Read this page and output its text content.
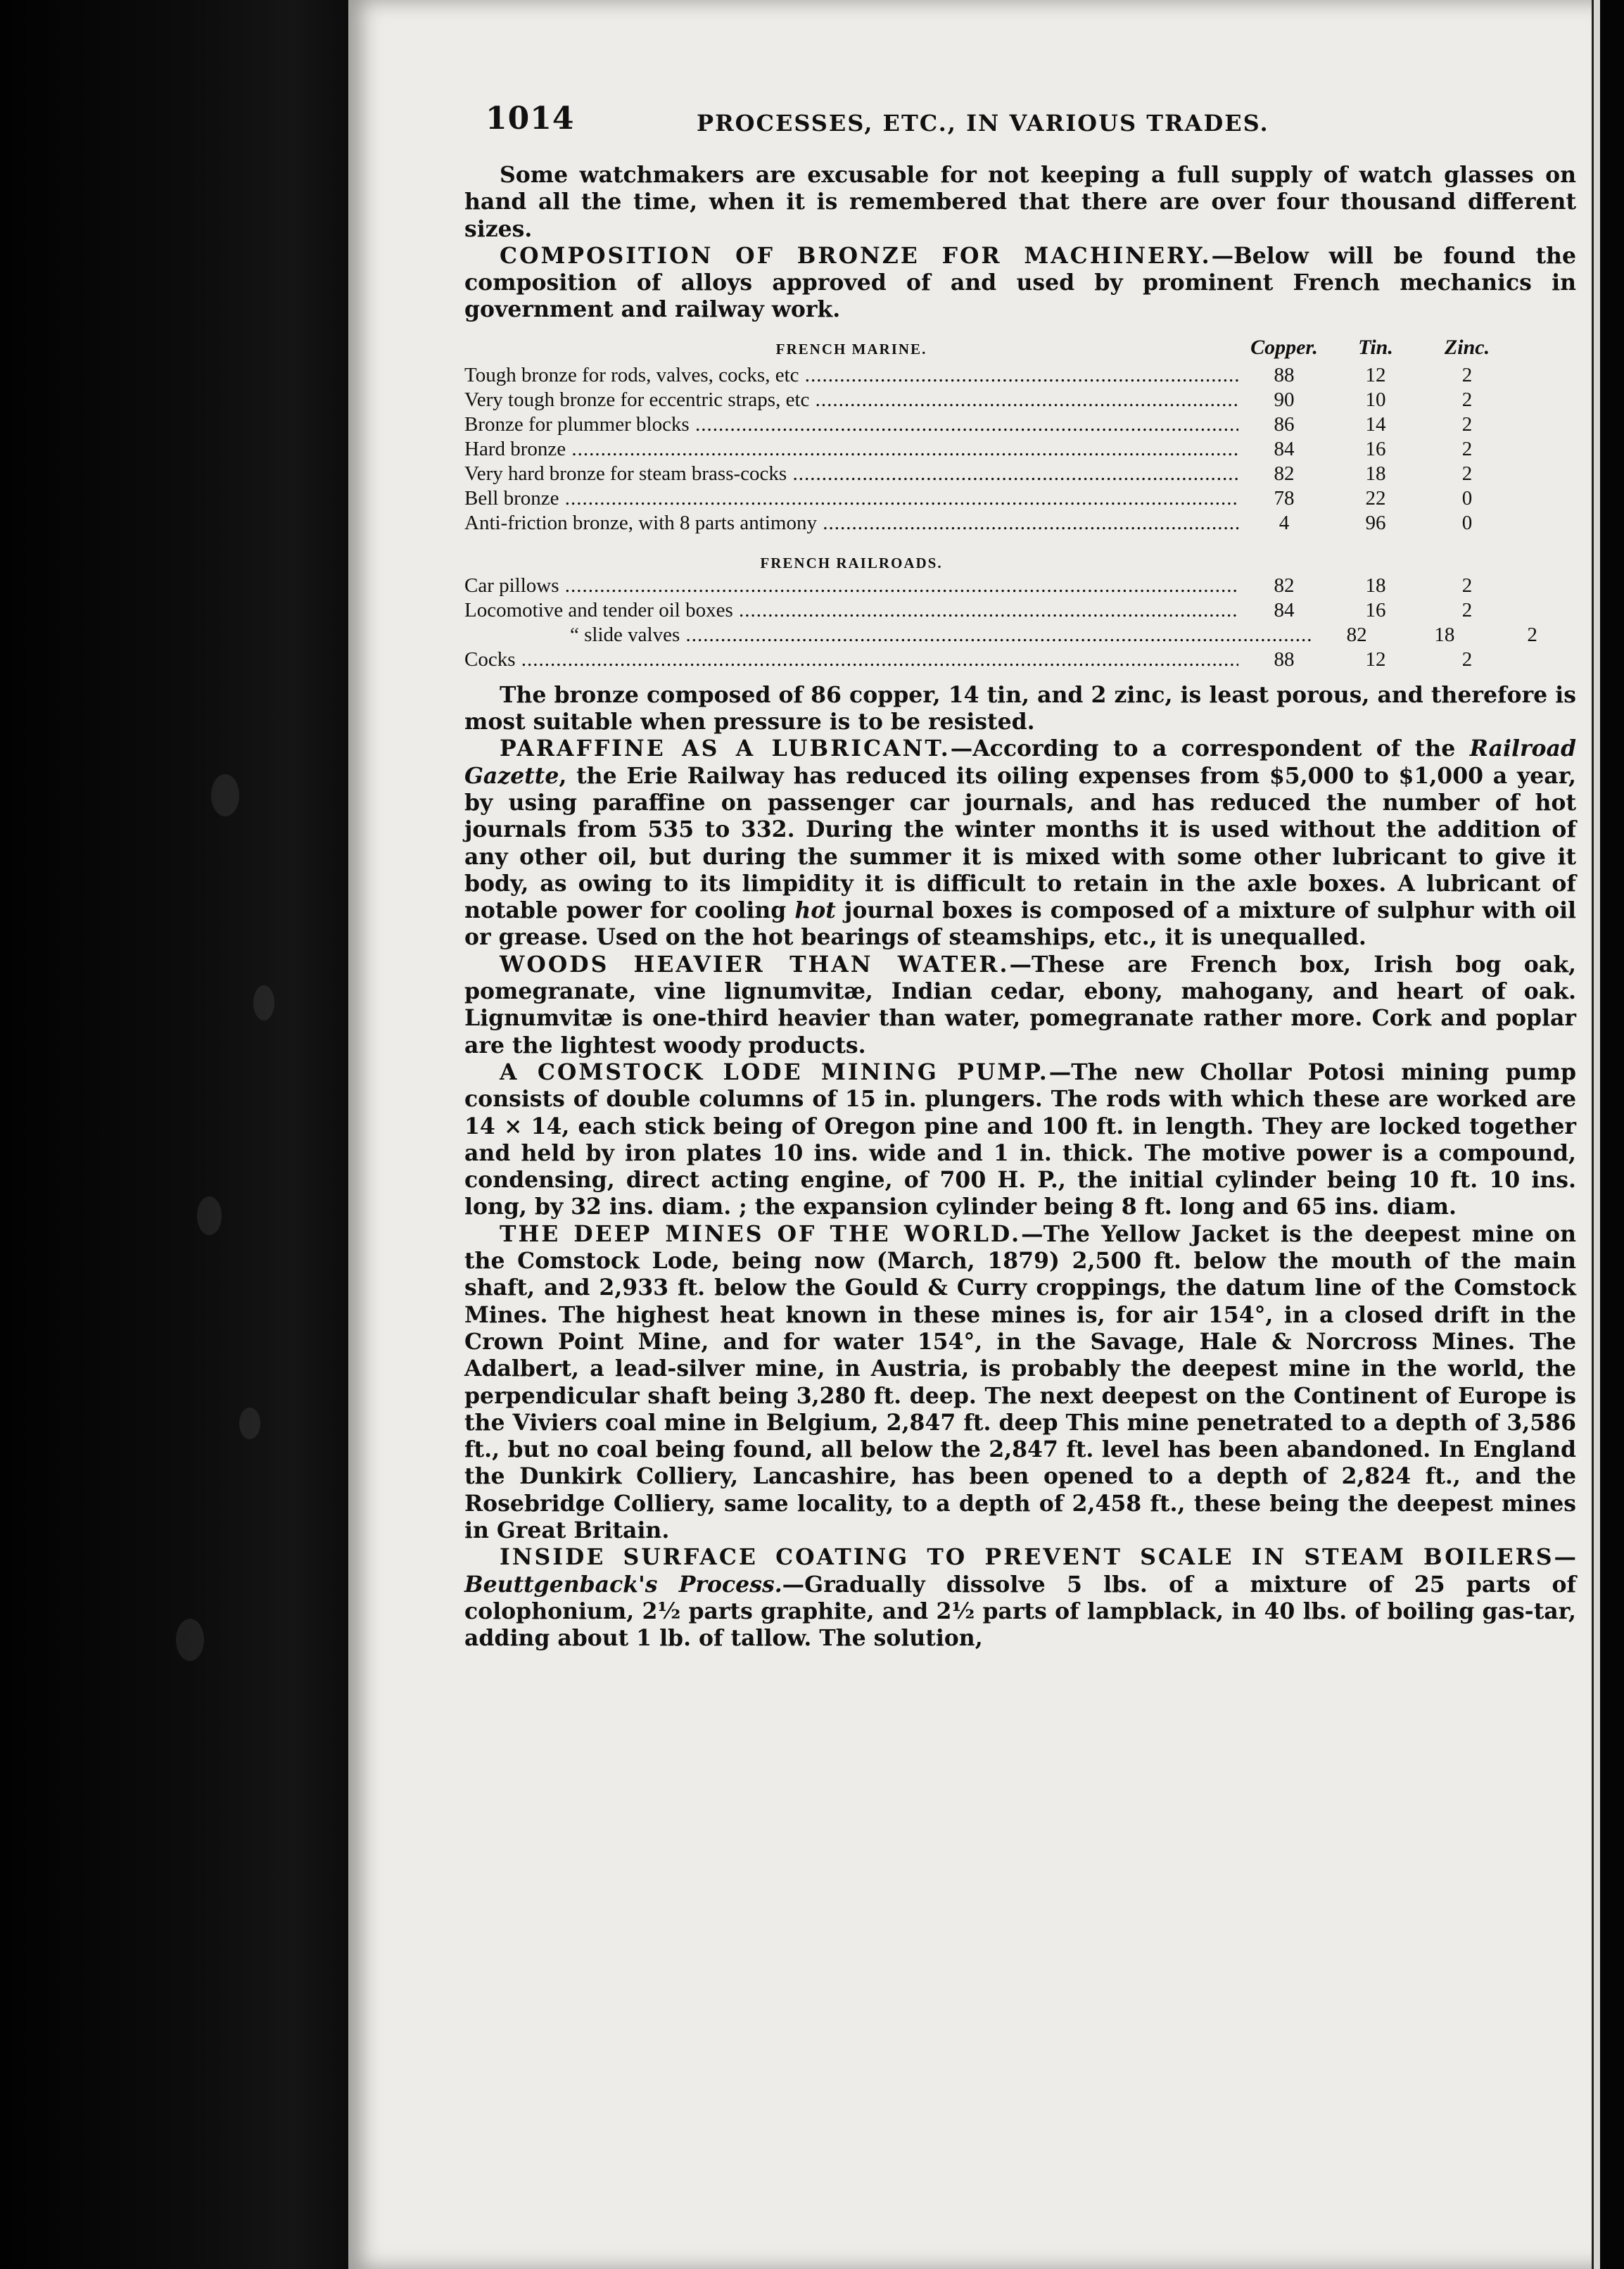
1014	PROCESSES, ETC., IN VARIOUS TRADES.

Some watchmakers are excusable for not keeping a full supply of watch glasses on hand all the time, when it is remembered that there are over four thousand different sizes.

COMPOSITION OF BRONZE FOR MACHINERY.—Below will be found the composition of alloys approved of and used by prominent French mechanics in government and railway work.

FRENCH MARINE.	Copper.	Tin.	Zinc.
Tough bronze for rods, valves, cocks, etc .....	88	12	2
Very tough bronze for eccentric straps, etc .....	90	10	2
Bronze for plummer blocks .....	86	14	2
Hard bronze .....	84	16	2
Very hard bronze for steam brass-cocks .....	82	18	2
Bell bronze .....	78	22	0
Anti-friction bronze, with 8 parts antimony .....	4	96	0
FRENCH RAILROADS.
Car pillows .....	82	18	2
Locomotive and tender oil boxes .....	84	16	2
“ slide valves .....	82	18	2
Cocks .....	88	12	2

The bronze composed of 86 copper, 14 tin, and 2 zinc, is least porous, and therefore is most suitable when pressure is to be resisted.

PARAFFINE AS A LUBRICANT.—According to a correspondent of the Railroad Gazette, the Erie Railway has reduced its oiling expenses from $5,000 to $1,000 a year, by using paraffine on passenger car journals, and has reduced the number of hot journals from 535 to 332. During the winter months it is used without the addition of any other oil, but during the summer it is mixed with some other lubricant to give it body, as owing to its limpidity it is difficult to retain in the axle boxes. A lubricant of notable power for cooling hot journal boxes is composed of a mixture of sulphur with oil or grease. Used on the hot bearings of steamships, etc., it is unequalled.

WOODS HEAVIER THAN WATER.—These are French box, Irish bog oak, pomegranate, vine lignumvitæ, Indian cedar, ebony, mahogany, and heart of oak. Lignumvitæ is one-third heavier than water, pomegranate rather more. Cork and poplar are the lightest woody products.

A COMSTOCK LODE MINING PUMP.—The new Chollar Potosi mining pump consists of double columns of 15 in. plungers. The rods with which these are worked are 14 × 14, each stick being of Oregon pine and 100 ft. in length. They are locked together and held by iron plates 10 ins. wide and 1 in. thick. The motive power is a compound, condensing, direct acting engine, of 700 H. P., the initial cylinder being 10 ft. 10 ins. long, by 32 ins. diam. ; the expansion cylinder being 8 ft. long and 65 ins. diam.

THE DEEP MINES OF THE WORLD.—The Yellow Jacket is the deepest mine on the Comstock Lode, being now (March, 1879) 2,500 ft. below the mouth of the main shaft, and 2,933 ft. below the Gould & Curry croppings, the datum line of the Comstock Mines. The highest heat known in these mines is, for air 154°, in a closed drift in the Crown Point Mine, and for water 154°, in the Savage, Hale & Norcross Mines. The Adalbert, a lead-silver mine, in Austria, is probably the deepest mine in the world, the perpendicular shaft being 3,280 ft. deep. The next deepest on the Continent of Europe is the Viviers coal mine in Belgium, 2,847 ft. deep This mine penetrated to a depth of 3,586 ft., but no coal being found, all below the 2,847 ft. level has been abandoned. In England the Dunkirk Colliery, Lancashire, has been opened to a depth of 2,824 ft., and the Rosebridge Colliery, same locality, to a depth of 2,458 ft., these being the deepest mines in Great Britain.

INSIDE SURFACE COATING TO PREVENT SCALE IN STEAM BOILERS—Beuttgenback's Process.—Gradually dissolve 5 lbs. of a mixture of 25 parts of colophonium, 2½ parts graphite, and 2½ parts of lampblack, in 40 lbs. of boiling gas-tar, adding about 1 lb. of tallow. The solution,
